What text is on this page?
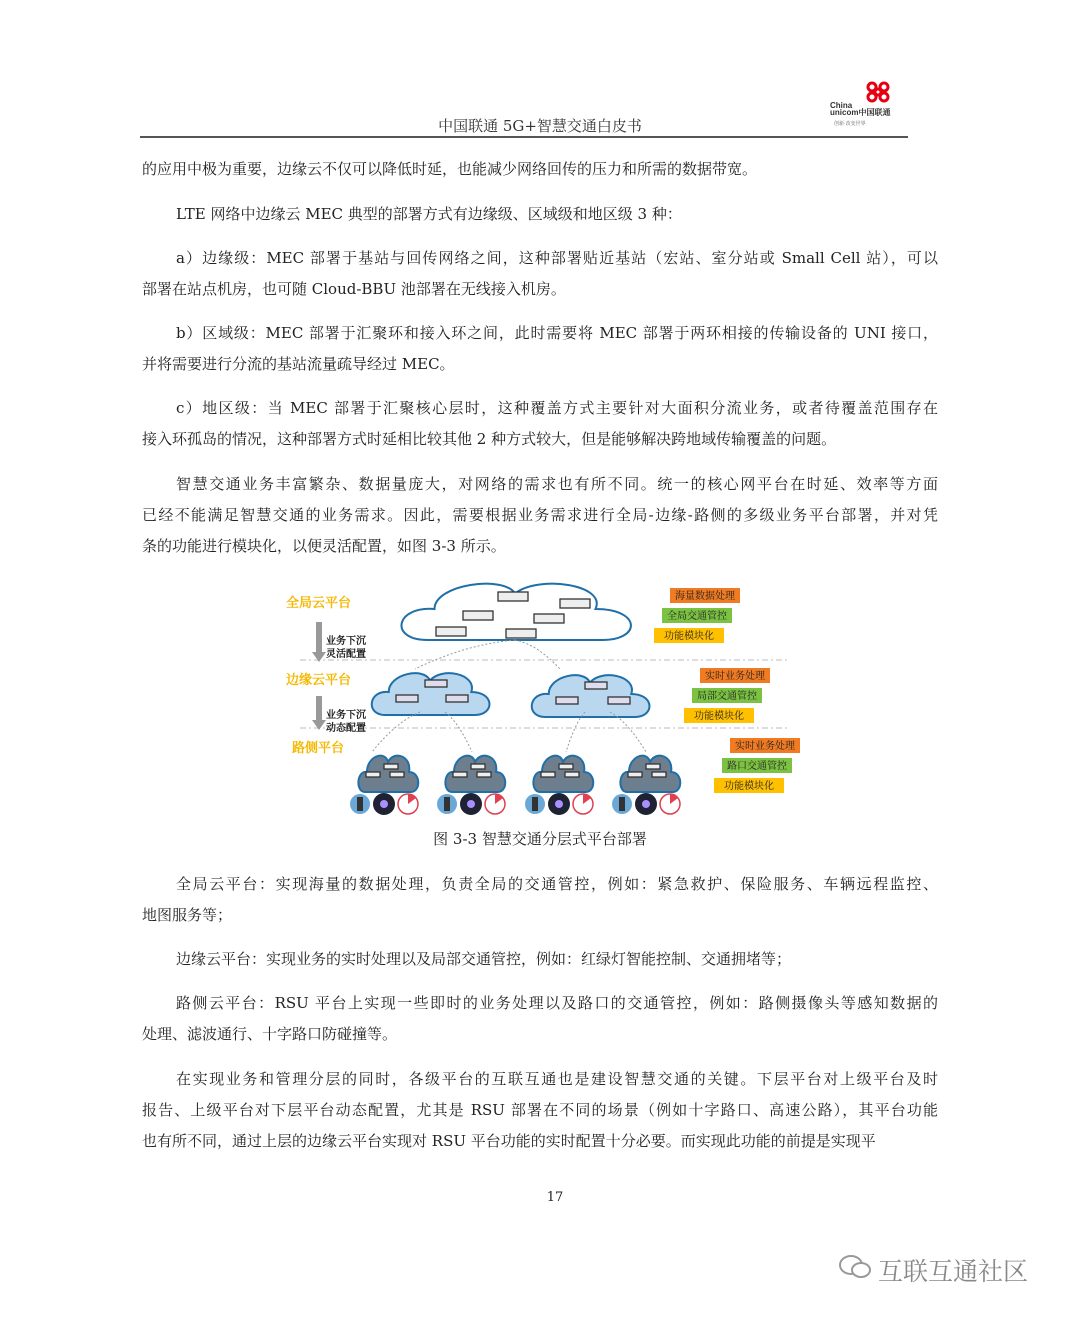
中国联通 5G+智慧交通白皮书
China
unicom中国联通
创新·改变世界
的应用中极为重要，边缘云不仅可以降低时延，也能减少网络回传的压力和所需的数据带宽。
LTE 网络中边缘云 MEC 典型的部署方式有边缘级、区域级和地区级 3 种：
a）边缘级：MEC 部署于基站与回传网络之间，这种部署贴近基站（宏站、室分站或 Small Cell 站），可以
部署在站点机房，也可随 Cloud-BBU 池部署在无线接入机房。
b）区域级：MEC 部署于汇聚环和接入环之间，此时需要将 MEC 部署于两环相接的传输设备的 UNI 接口，
并将需要进行分流的基站流量疏导经过 MEC。
c）地区级：当 MEC 部署于汇聚核心层时，这种覆盖方式主要针对大面积分流业务，或者待覆盖范围存在
接入环孤岛的情况，这种部署方式时延相比较其他 2 种方式较大，但是能够解决跨地域传输覆盖的问题。
智慧交通业务丰富繁杂、数据量庞大，对网络的需求也有所不同。统一的核心网平台在时延、效率等方面
已经不能满足智慧交通的业务需求。因此，需要根据业务需求进行全局-边缘-路侧的多级业务平台部署，并对凭
条的功能进行模块化，以便灵活配置，如图 3-3 所示。
全局云平台：实现海量的数据处理，负责全局的交通管控，例如：紧急救护、保险服务、车辆远程监控、
地图服务等；
边缘云平台：实现业务的实时处理以及局部交通管控，例如：红绿灯智能控制、交通拥堵等；
路侧云平台：RSU 平台上实现一些即时的业务处理以及路口的交通管控，例如：路侧摄像头等感知数据的
处理、滤波通行、十字路口防碰撞等。
在实现业务和管理分层的同时，各级平台的互联互通也是建设智慧交通的关键。下层平台对上级平台及时
报告、上级平台对下层平台动态配置，尤其是 RSU 部署在不同的场景（例如十字路口、高速公路），其平台功能
也有所不同，通过上层的边缘云平台实现对 RSU 平台功能的实时配置十分必要。而实现此功能的前提是实现平
图 3-3 智慧交通分层式平台部署
全局云平台
边缘云平台
路侧平台
业务下沉
灵活配置
业务下沉
动态配置
海量数据处理
全局交通管控
功能模块化
实时业务处理
局部交通管控
功能模块化
实时业务处理
路口交通管控
功能模块化
17
互联互通社区
